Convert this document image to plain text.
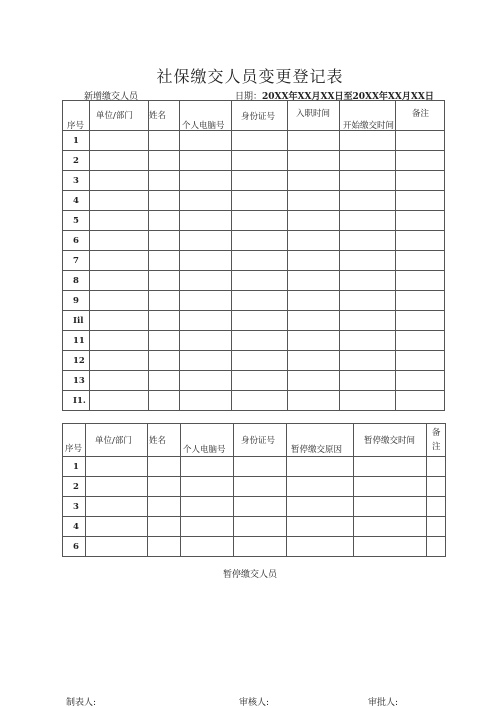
社保缴交人员变更登记表
新增缴交人员	日期：20XX年XX月XX日至20XX年XX月XX日
序号	单位/部门	姓名	个人电脑号	身份证号	入职时间	开始缴交时间	备注

1							
2							
3							
4							
5							
6							
7							
8							
9							
Iil							
11							
12							
13							
I1.							
序号	单位/部门	姓名	个人电脑号	身份证号	暂停缴交原因	暂停缴交时间	备注

1							
2							
3							
4							
6							
暂停缴交人员
制表人:	审核人:	审批人:
